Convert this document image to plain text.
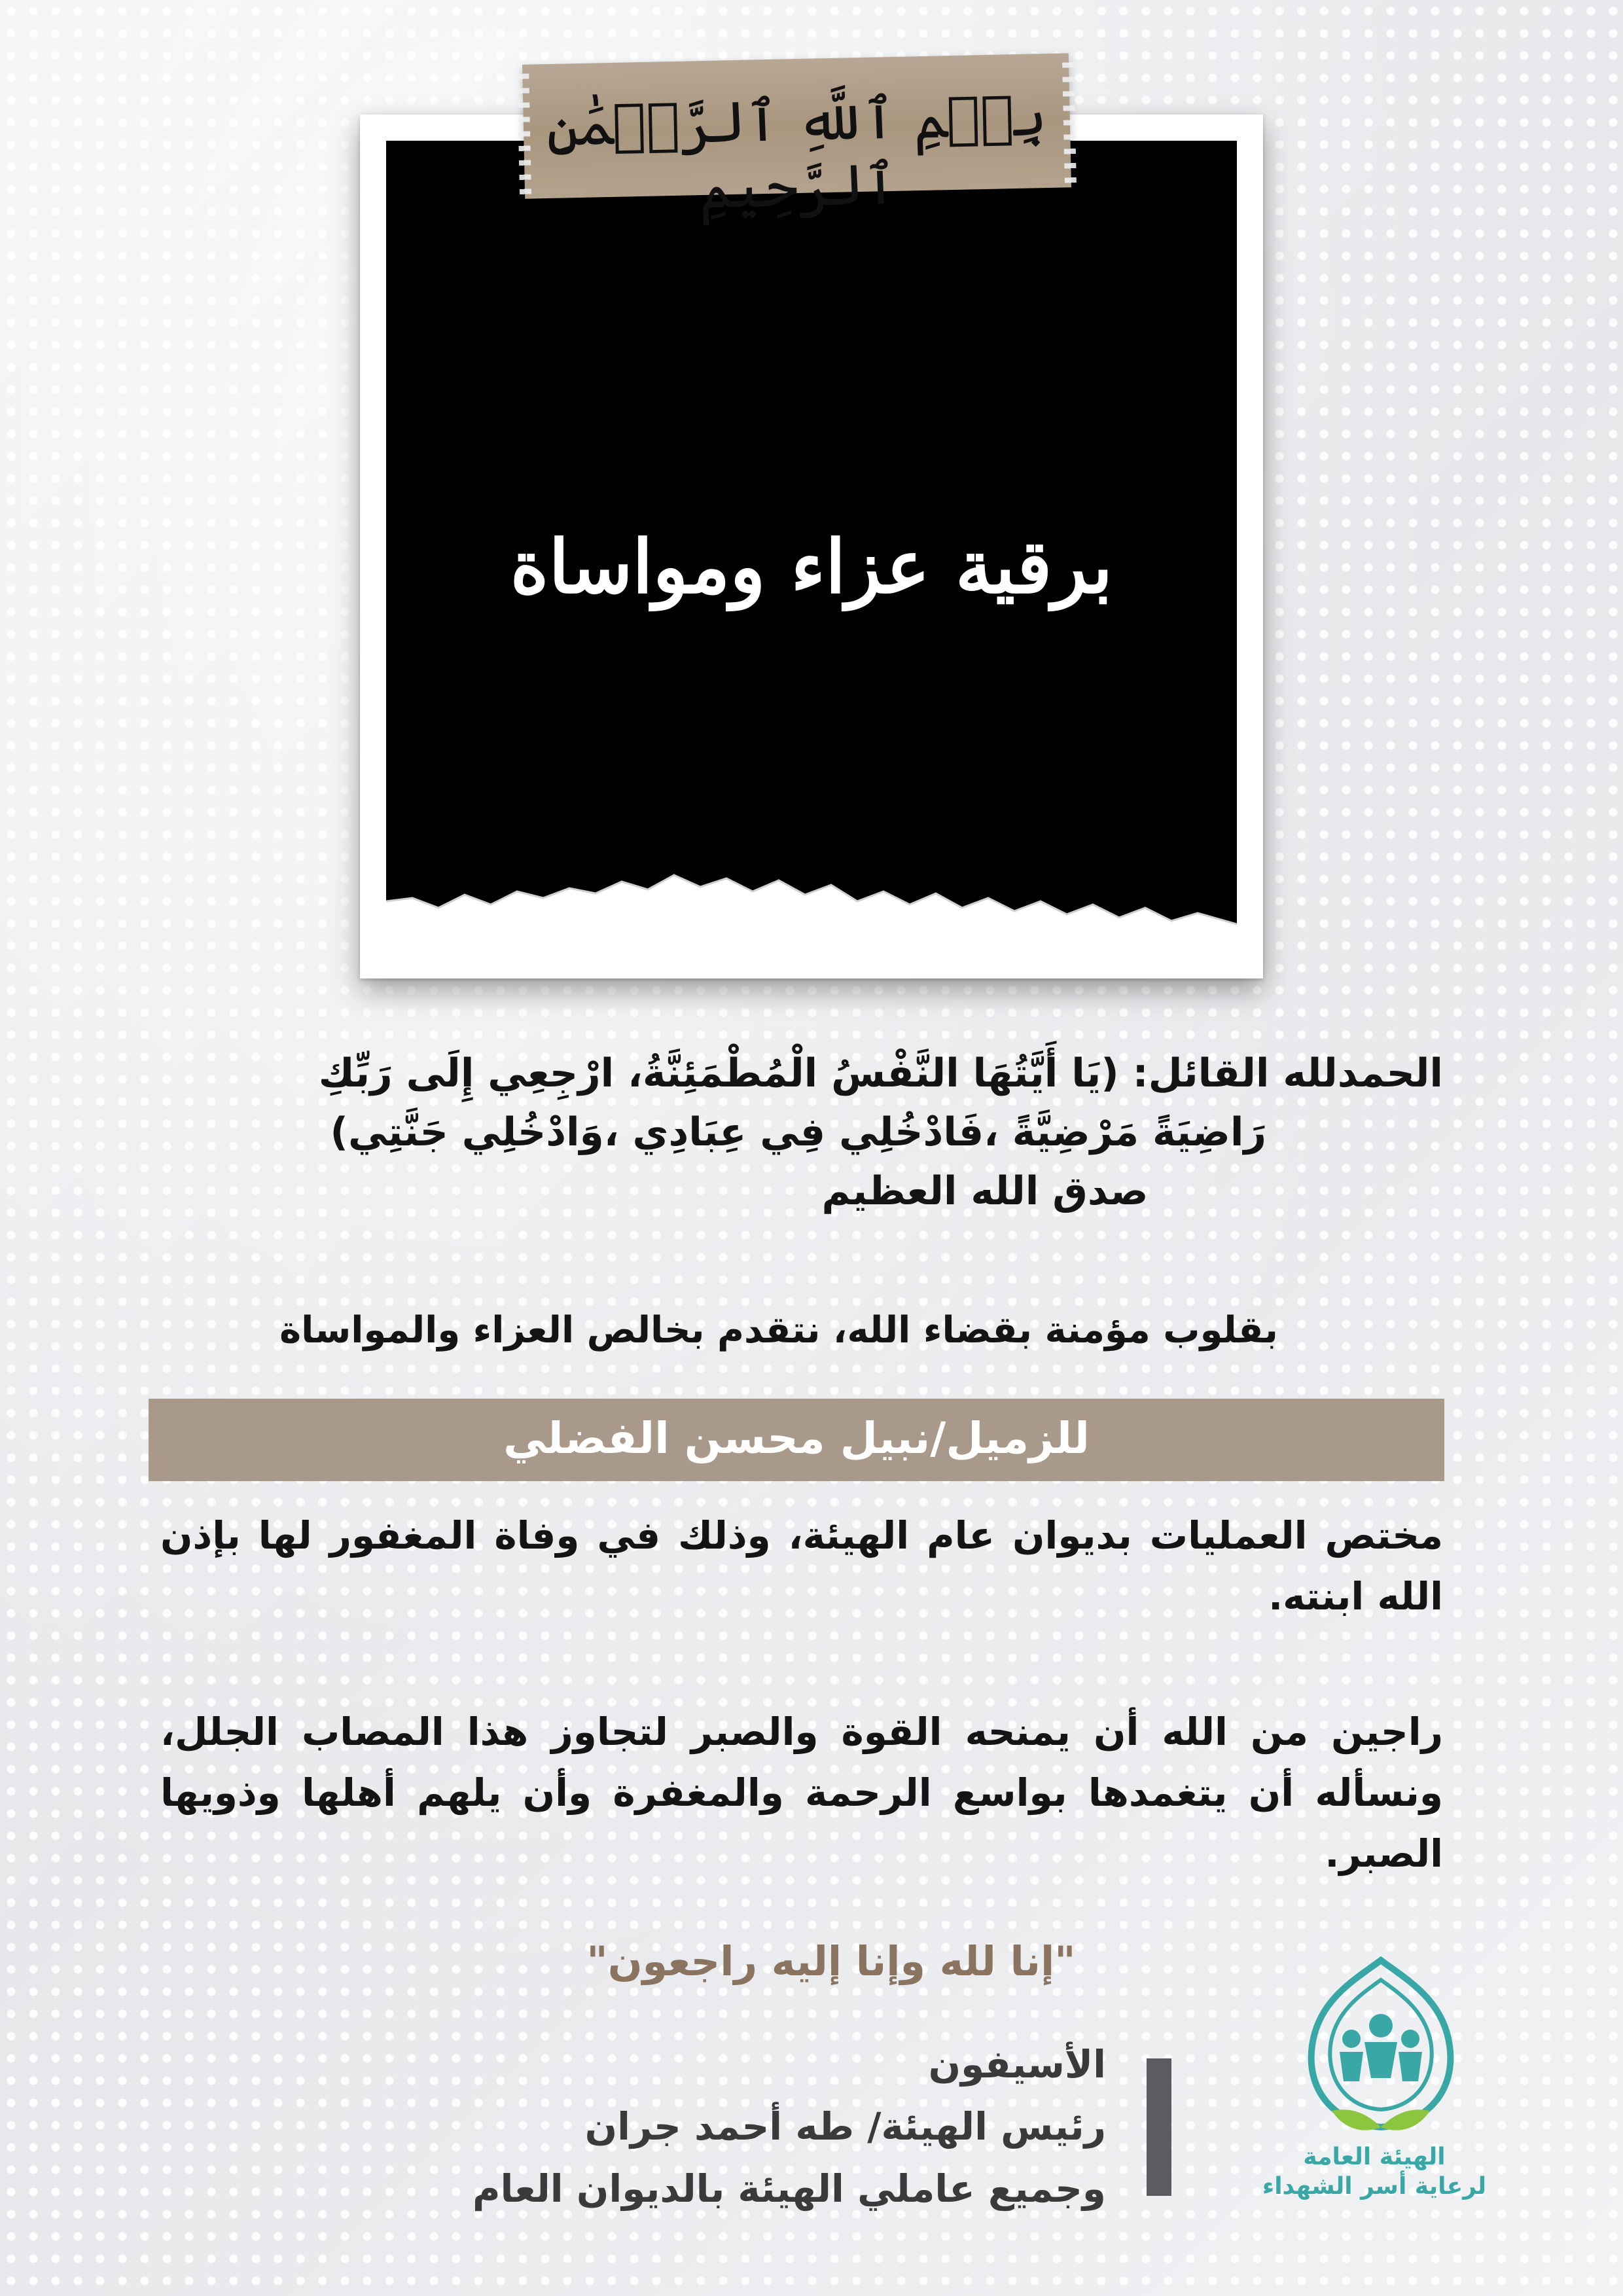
برقية عزاء ومواساة
بِسۡمِ ٱللَّهِ ٱلرَّحۡمَٰنِ ٱلرَّحِيمِ
الحمدلله القائل: (يَا أَيَّتُهَا النَّفْسُ الْمُطْمَئِنَّةُ، ارْجِعِي إِلَى رَبِّكِ
رَاضِيَةً مَرْضِيَّةً ،فَادْخُلِي فِي عِبَادِي ،وَادْخُلِي جَنَّتِي)
صدق الله العظيم
بقلوب مؤمنة بقضاء الله، نتقدم بخالص العزاء والمواساة
للزميل/نبيل محسن الفضلي
مختص العمليات بديوان عام الهيئة، وذلك في وفاة المغفور لها بإذن الله ابنته.
راجين من الله أن يمنحه القوة والصبر لتجاوز هذا المصاب الجلل، ونسأله أن يتغمدها بواسع الرحمة والمغفرة وأن يلهم أهلها وذويها الصبر.
"إنا لله وإنا إليه راجعون"
الأسيفون
رئيس الهيئة/ طه أحمد جران
وجميع عاملي الهيئة بالديوان العام
الهيئة العامة
لرعاية أسر الشهداء
